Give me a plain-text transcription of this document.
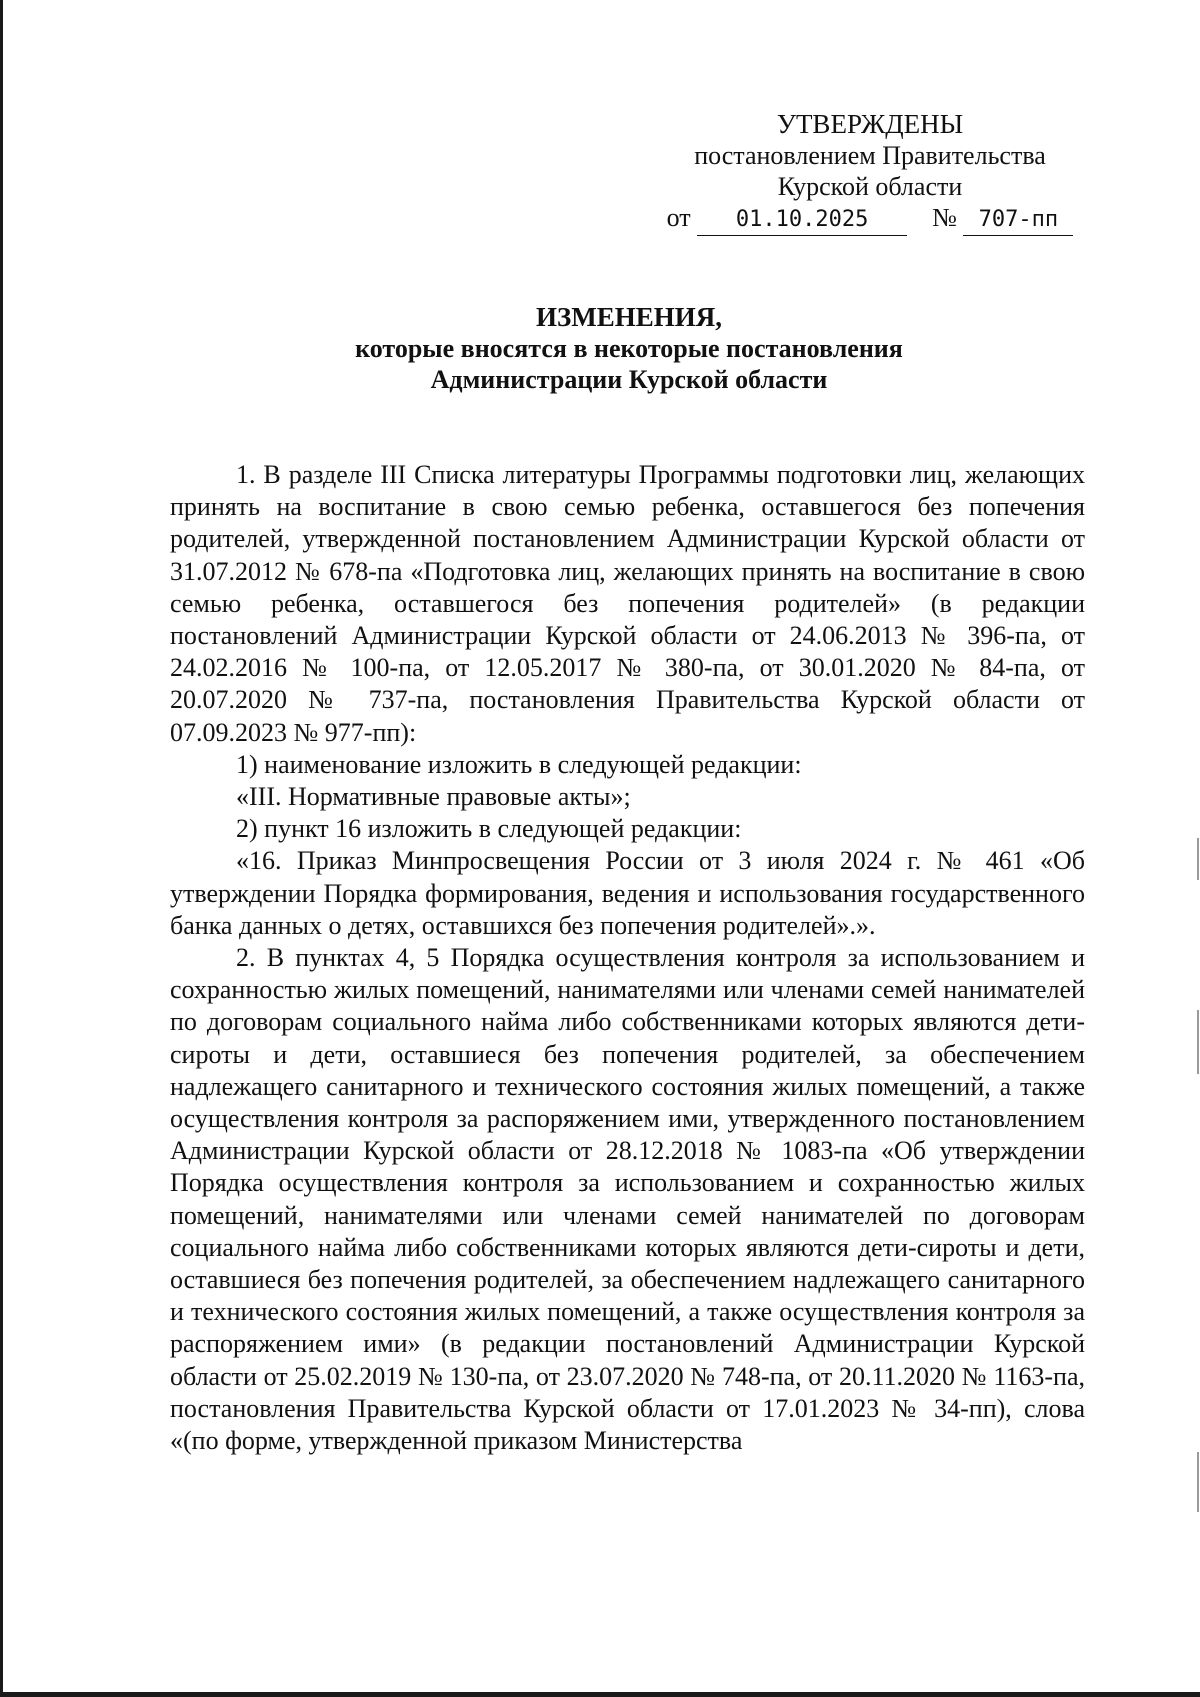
УТВЕРЖДЕНЫ
постановлением Правительства
Курской области
от 01.10.2025 № 707-пп
ИЗМЕНЕНИЯ,
которые вносятся в некоторые постановления
Администрации Курской области

1. В разделе III Списка литературы Программы подготовки лиц, желающих принять на воспитание в свою семью ребенка, оставшегося без попечения родителей, утвержденной постановлением Администрации Курской области от 31.07.2012 № 678-па «Подготовка лиц, желающих принять на воспитание в свою семью ребенка, оставшегося без попечения родителей» (в редакции постановлений Администрации Курской области от 24.06.2013 № 396-па, от 24.02.2016 № 100-па, от 12.05.2017 № 380-па, от 30.01.2020 № 84-па, от 20.07.2020 № 737-па, постановления Правительства Курской области от 07.09.2023 № 977-пп):

1) наименование изложить в следующей редакции:

«III. Нормативные правовые акты»;

2) пункт 16 изложить в следующей редакции:

«16. Приказ Минпросвещения России от 3 июля 2024 г. № 461 «Об утверждении Порядка формирования, ведения и использования государственного банка данных о детях, оставшихся без попечения родителей».».

2. В пунктах 4, 5 Порядка осуществления контроля за использованием и сохранностью жилых помещений, нанимателями или членами семей нанимателей по договорам социального найма либо собственниками которых являются дети-сироты и дети, оставшиеся без попечения родителей, за обеспечением надлежащего санитарного и технического состояния жилых помещений, а также осуществления контроля за распоряжением ими, утвержденного постановлением Администрации Курской области от 28.12.2018 № 1083-па «Об утверждении Порядка осуществления контроля за использованием и сохранностью жилых помещений, нанимателями или членами семей нанимателей по договорам социального найма либо собственниками которых являются дети-сироты и дети, оставшиеся без попечения родителей, за обеспечением надлежащего санитарного и технического состояния жилых помещений, а также осуществления контроля за распоряжением ими» (в редакции постановлений Администрации Курской области от 25.02.2019 № 130-па, от 23.07.2020 № 748-па, от 20.11.2020 № 1163-па, постановления Правительства Курской области от 17.01.2023 № 34-пп), слова «(по форме, утвержденной приказом Министерства
